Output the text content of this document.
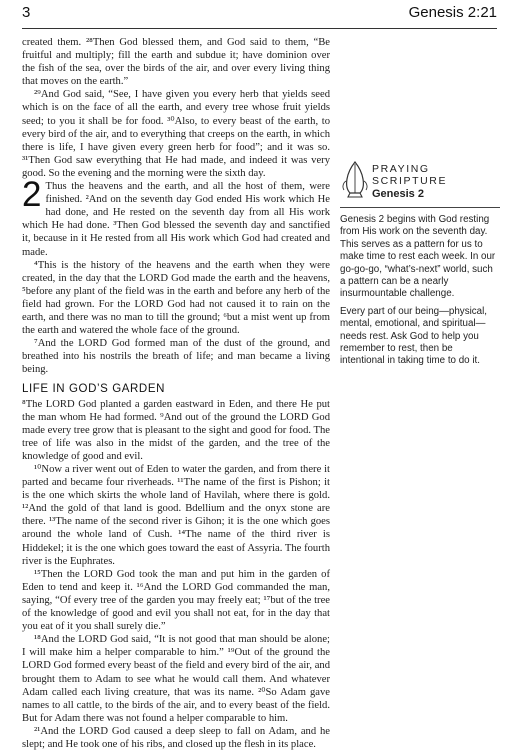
3	Genesis 2:21

created them. ²⁸Then God blessed them, and God said to them, “Be fruitful and multiply; fill the earth and subdue it; have dominion over the fish of the sea, over the birds of the air, and over every living thing that moves on the earth.”

²⁹And God said, “See, I have given you every herb that yields seed which is on the face of all the earth, and every tree whose fruit yields seed; to you it shall be for food. ³⁰Also, to every beast of the earth, to every bird of the air, and to everything that creeps on the earth, in which there is life, I have given every green herb for food”; and it was so. ³¹Then God saw everything that He had made, and indeed it was very good. So the evening and the morning were the sixth day.

2 Thus the heavens and the earth, and all the host of them, were finished. ²And on the seventh day God ended His work which He had done, and He rested on the seventh day from all His work which He had done. ³Then God blessed the seventh day and sanctified it, because in it He rested from all His work which God had created and made.

⁴This is the history of the heavens and the earth when they were created, in the day that the LORD God made the earth and the heavens, ⁵before any plant of the field was in the earth and before any herb of the field had grown. For the LORD God had not caused it to rain on the earth, and there was no man to till the ground; ⁶but a mist went up from the earth and watered the whole face of the ground.

⁷And the LORD God formed man of the dust of the ground, and breathed into his nostrils the breath of life; and man became a living being.

LIFE IN GOD’S GARDEN

⁸The LORD God planted a garden eastward in Eden, and there He put the man whom He had formed. ⁹And out of the ground the LORD God made every tree grow that is pleasant to the sight and good for food. The tree of life was also in the midst of the garden, and the tree of the knowledge of good and evil.

¹⁰Now a river went out of Eden to water the garden, and from there it parted and became four riverheads. ¹¹The name of the first is Pishon; it is the one which skirts the whole land of Havilah, where there is gold. ¹²And the gold of that land is good. Bdellium and the onyx stone are there. ¹³The name of the second river is Gihon; it is the one which goes around the whole land of Cush. ¹⁴The name of the third river is Hiddekel; it is the one which goes toward the east of Assyria. The fourth river is the Euphrates.

¹⁵Then the LORD God took the man and put him in the garden of Eden to tend and keep it. ¹⁶And the LORD God commanded the man, saying, “Of every tree of the garden you may freely eat; ¹⁷but of the tree of the knowledge of good and evil you shall not eat, for in the day that you eat of it you shall surely die.”

¹⁸And the LORD God said, “It is not good that man should be alone; I will make him a helper comparable to him.” ¹⁹Out of the ground the LORD God formed every beast of the field and every bird of the air, and brought them to Adam to see what he would call them. And whatever Adam called each living creature, that was its name. ²⁰So Adam gave names to all cattle, to the birds of the air, and to every beast of the field. But for Adam there was not found a helper comparable to him.

²¹And the LORD God caused a deep sleep to fall on Adam, and he slept; and He took one of his ribs, and closed up the flesh in its place.

PRAYING
SCRIPTURE
Genesis 2

Genesis 2 begins with God resting from His work on the seventh day. This serves as a pattern for us to make time to rest each week. In our go-go-go, “what’s-next” world, such a pattern can be a nearly insurmountable challenge.

Every part of our being—physical, mental, emotional, and spiritual—needs rest. Ask God to help you remember to rest, then be intentional in taking time to do it.
